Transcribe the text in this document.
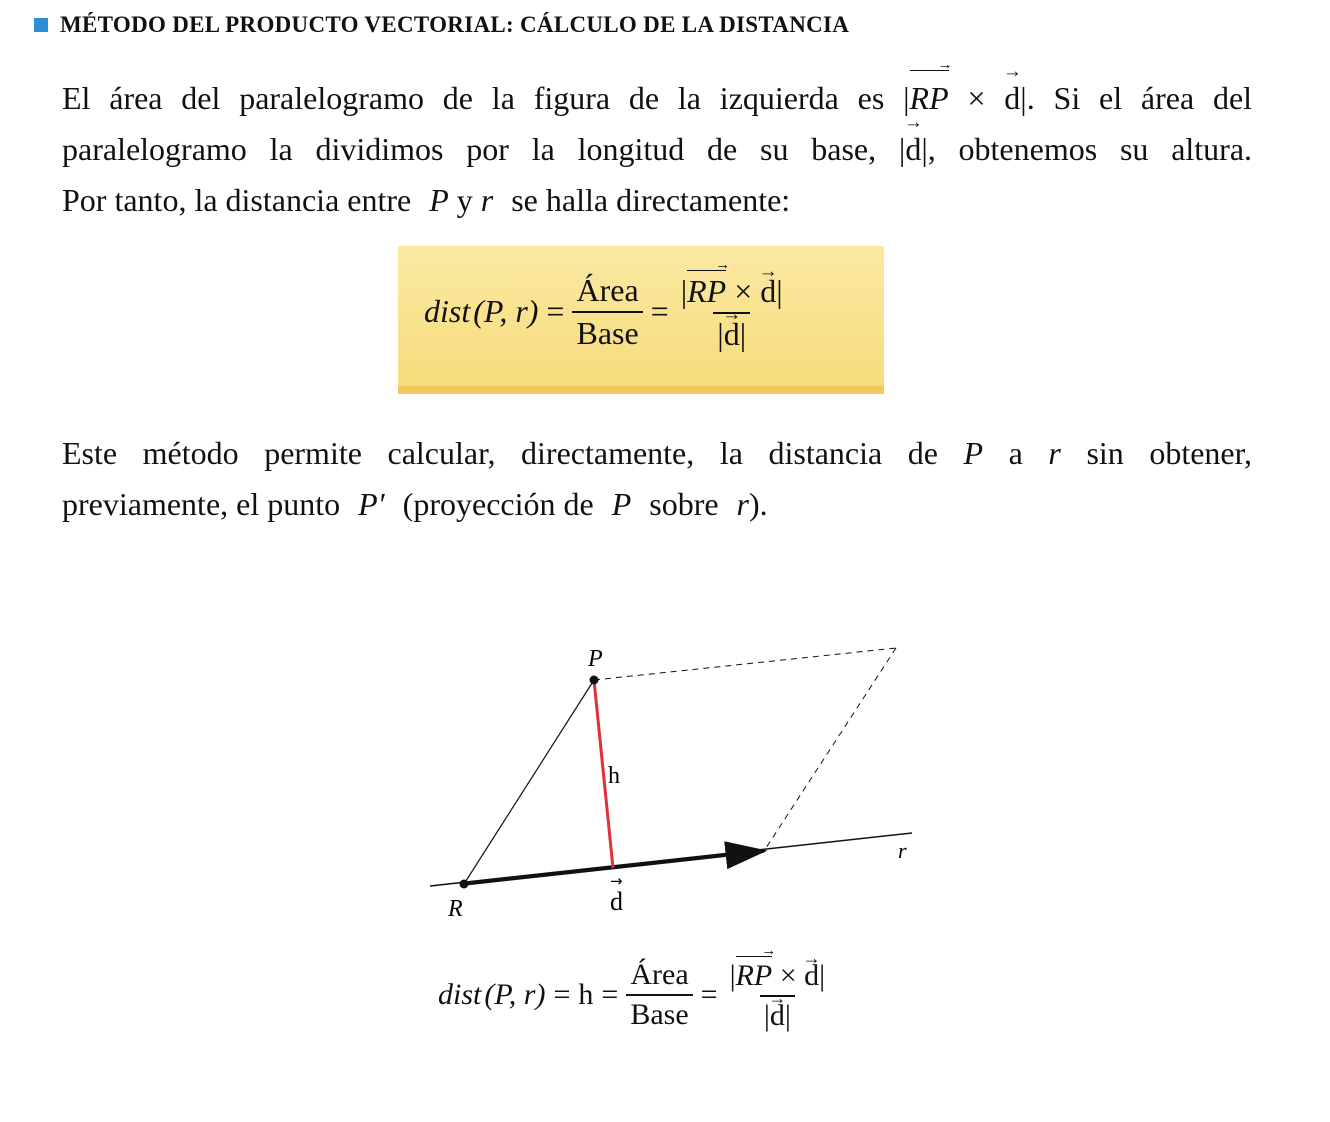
MÉTODO DEL PRODUCTO VECTORIAL: CÁLCULO DE LA DISTANCIA
El área del paralelogramo de la figura de la izquierda es |RP
→
× → d|. Si el área del
paralelogramo la dividimos por la longitud de su base, |→ d|, obtenemos su altura.
Por tanto, la distancia entre P y r se halla directamente:
dist (P, $r) = \frac{\text{Área}}{\text{Base}} = |RP$
→
× → d|
|→ d|
Este método permite calcular, directamente, la distancia de P a r sin obtener,
previamente, el punto P′ (proyección de P sobre r).
P
R
h
r
d
→
dist (P, $r) = h = \frac{\text{Área}}{\text{Base}} = |RP$
→
× → d|
|→ d|
